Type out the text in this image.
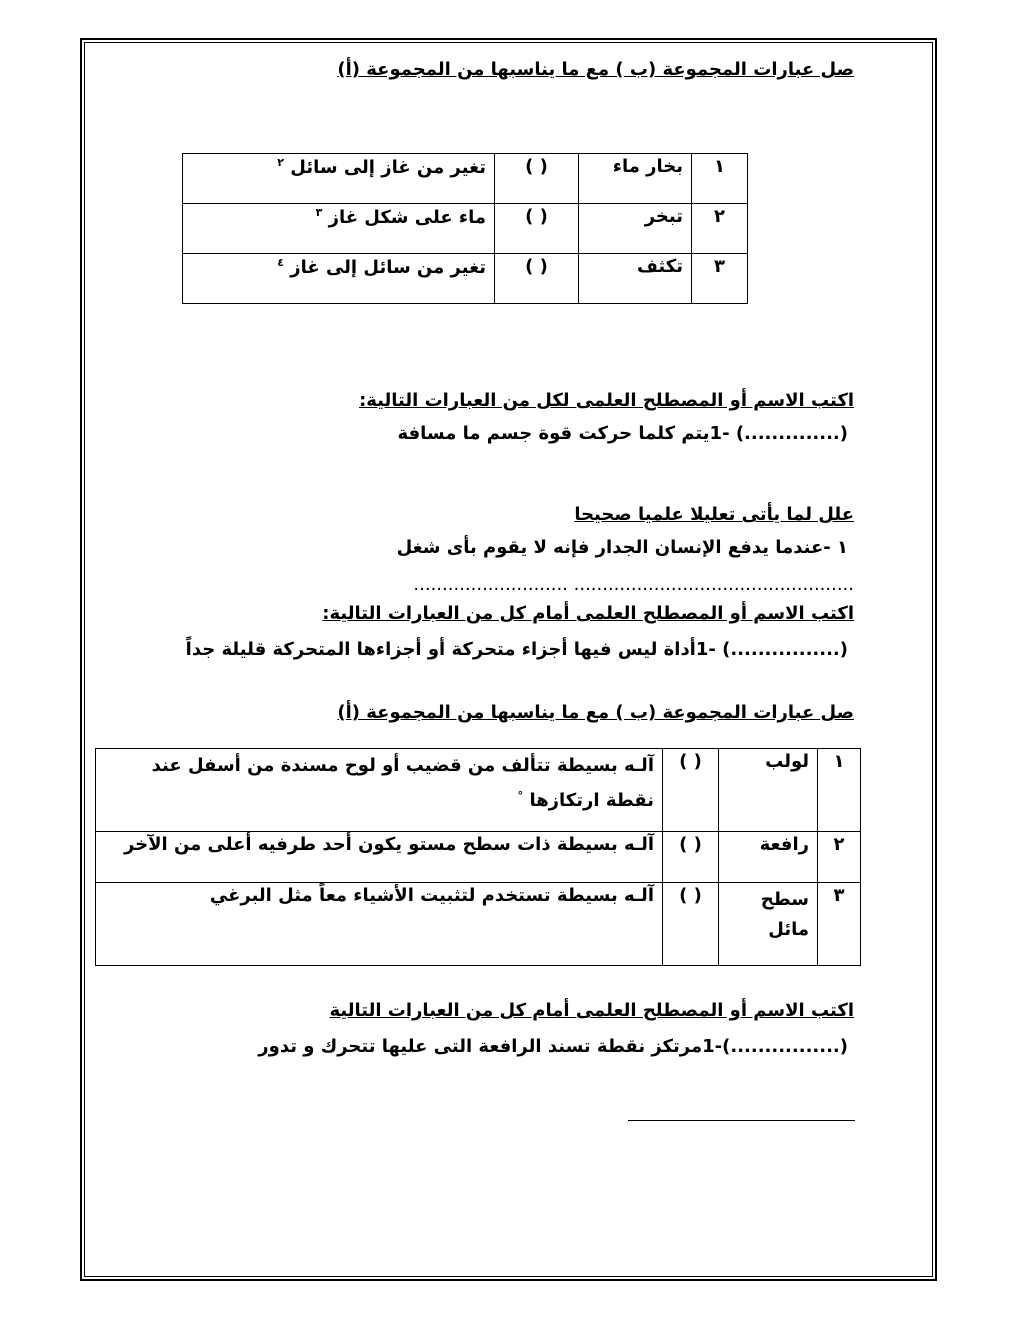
صل عبارات المجموعة (ب ) مع ما يناسبها من المجموعة (أ)
١	بخار ماء	( )	تغير من غاز إلى سائل $^٢$
٢	تبخر	( )	ماء على شكل غاز $^٣$
٣	تكثف	( )	تغير من سائل إلى غاز $^٤$
اكتب الاسم أو المصطلح العلمى لكل من العبارات التالية:
(..............) -1يتم كلما حركت قوة جسم ما مسافة
علل لما يأتى تعليلا علميا صحيحا
١ -عندما يدفع الإنسان الجدار فإنه لا يقوم بأى شغل
................................................. ...........................
اكتب الاسم أو المصطلح العلمى أمام كل من العبارات التالية:
(................) -1أداة ليس فيها أجزاء متحركة أو أجزاءها المتحركة قليلة جداً
صل عبارات المجموعة (ب ) مع ما يناسبها من المجموعة (أ)
١	لولب	( )	آلـه بسيطة تتألف من قضيب أو لوح مسندة من أسفل عند نقطة ارتكازها °
٢	رافعة	( )	آلـه بسيطة ذات سطح مستو يكون أحد طرفيه أعلى من الآخر
٣	سطح مائل	( )	آلـه بسيطة تستخدم لتثبيت الأشياء معاً مثل البرغي
اكتب الاسم أو المصطلح العلمى أمام كل من العبارات التالية
(................)-1مرتكز نقطة تسند الرافعة التى عليها تتحرك و تدور
